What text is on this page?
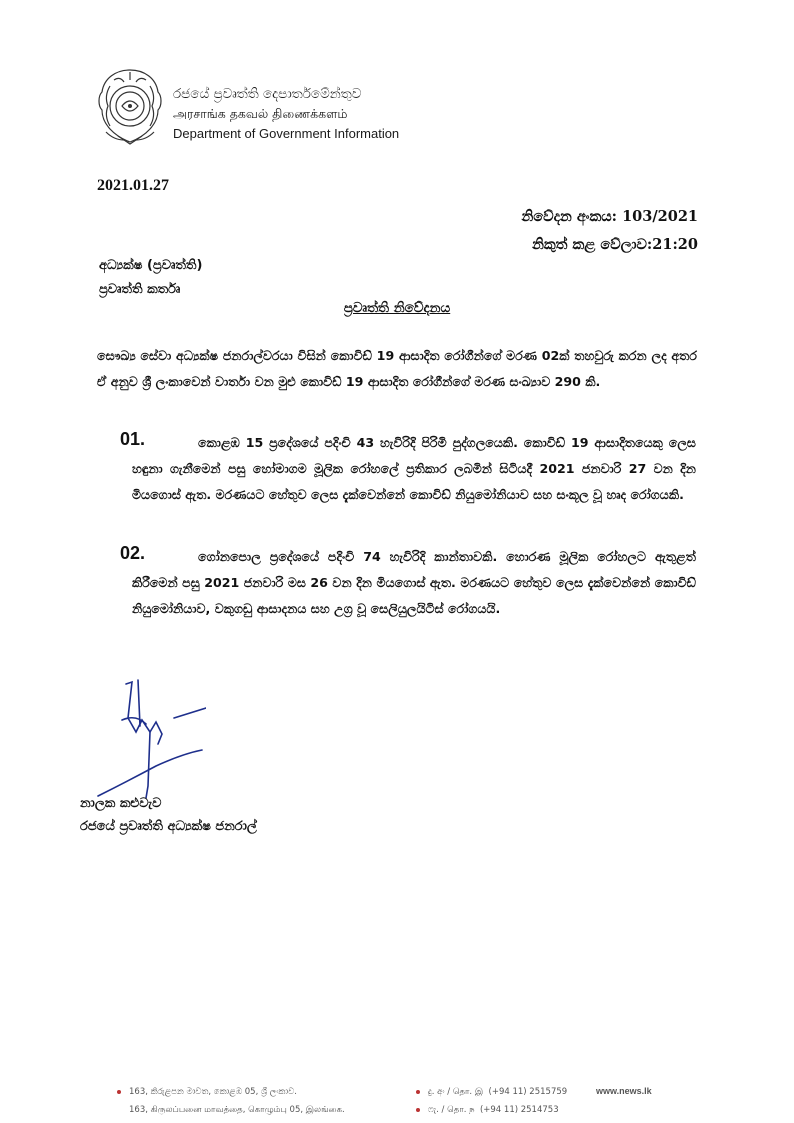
රජයේ ප්‍රවෘත්ති දෙපාර්තමේන්තුව
அரசாங்க தகவல் திணைக்களம்
Department of Government Information
2021.01.27
නිවේදන අංකය: 103/2021
නිකුත් කළ වේලාව:21:20
අධ්‍යක්ෂ (ප්‍රවෘත්ති)
ප්‍රවෘත්ති කර්තෘ
ප්‍රවෘත්ති නිවේදනය
සෞඛ්‍ය සේවා අධ්‍යක්ෂ ජනරාල්වරයා විසින් කොවිඩ් 19 ආසාදිත රෝගීන්ගේ මරණ 02ක් තහවුරු කරන ලද අතර ඒ අනුව ශ්‍රී ලංකාවෙන් වාර්තා වන මුළු කොවිඩ් 19 ආසාදිත රෝගීන්ගේ මරණ සංඛ්‍යාව 290 කි.
01.	කොළඹ 15 ප්‍රදේශයේ පදිංචි 43 හැවිරිදි පිරිමි පුද්ගලයෙකි. කොවිඩ් 19 ආසාදිතයෙකු ලෙස හඳුනා ගැනීමෙන් පසු හෝමාගම මූලික රෝහලේ ප්‍රතිකාර ලබමින් සිටියදී 2021 ජනවාරි 27 වන දින මියගොස් ඇත. මරණයට හේතුව ලෙස දැක්වෙන්නේ කොවිඩ් නියුමෝනියාව සහ සංකූල වූ හෘද රෝගයකි.
02.	ගෝනපොල ප්‍රදේශයේ පදිංචි 74 හැවිරිදි කාන්තාවකි. හොරණ මූලික රෝහලට ඇතුළත් කිරීමෙන් පසු 2021 ජනවාරි මස 26 වන දින මියගොස් ඇත. මරණයට හේතුව ලෙස දැක්වෙන්නේ කොවිඩ් නියුමෝනියාව, වකුගඩු ආසාදනය සහ උග්‍ර වූ සෙලියුලයිටිස් රෝගයයි.
නාලක කළුවැව
රජයේ ප්‍රවෘත්ති අධ්‍යක්ෂ ජනරාල්
163, කිරුළපන මාවත, කොළඹ 05, ශ්‍රී ලංකාව.
163, கிருலப்பனை மாவத்தை, கொழும்பு 05, இலங்கை.
දු. අං / தொ. இ (+94 11) 2515759
ෆැ. / தொ. ந (+94 11) 2514753
www.news.lk
